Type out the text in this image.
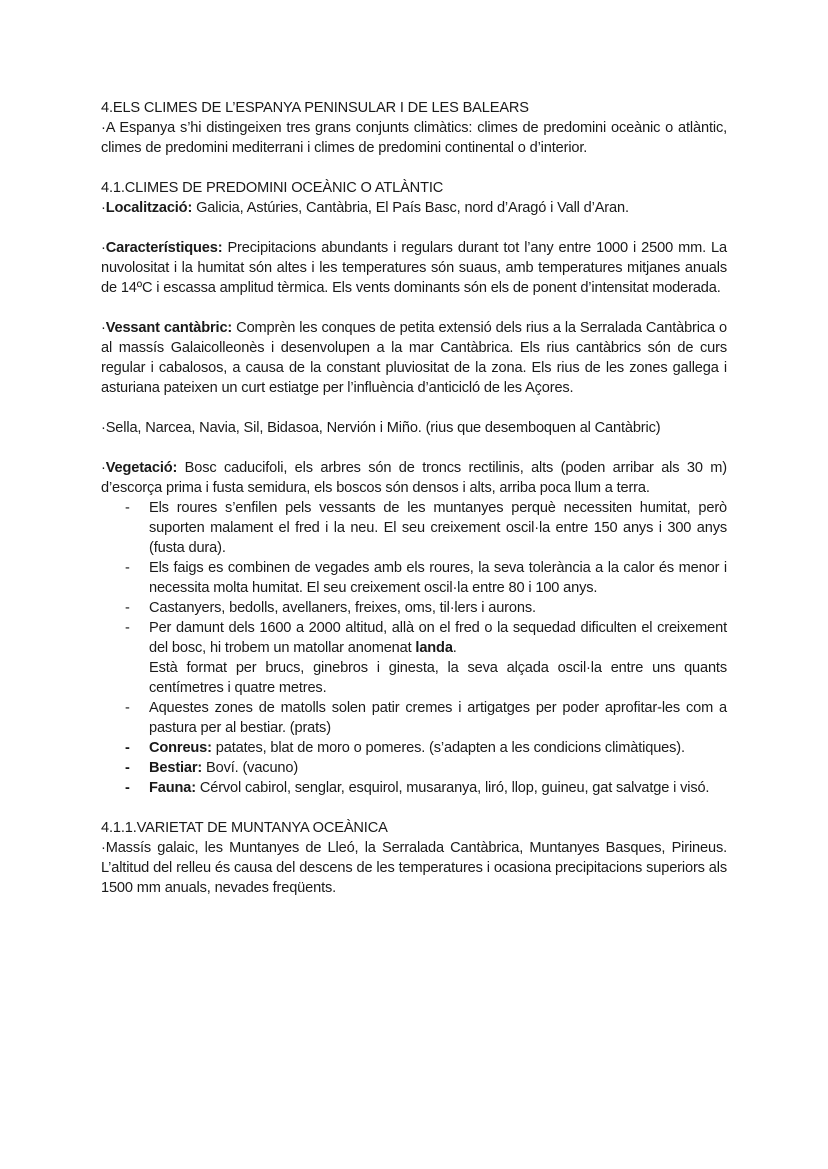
4.ELS CLIMES DE L’ESPANYA PENINSULAR I DE LES BALEARS

·A Espanya s’hi distingeixen tres grans conjunts climàtics: climes de predomini oceànic o atlàntic, climes de predomini mediterrani i climes de predomini continental o d’interior.

4.1.CLIMES DE PREDOMINI OCEÀNIC O ATLÀNTIC

·Localització: Galicia, Astúries, Cantàbria, El País Basc, nord d’Aragó i Vall d’Aran.

·Característiques: Precipitacions abundants i regulars durant tot l’any entre 1000 i 2500 mm. La nuvolositat i la humitat són altes i les temperatures són suaus, amb temperatures mitjanes anuals de 14ºC i escassa amplitud tèrmica. Els vents dominants són els de ponent d’intensitat moderada.

·Vessant cantàbric: Comprèn les conques de petita extensió dels rius a la Serralada Cantàbrica o al massís Galaicolleonès i desenvolupen a la mar Cantàbrica. Els rius cantàbrics són de curs regular i cabalosos, a causa de la constant pluviositat de la zona. Els rius de les zones gallega i asturiana pateixen un curt estiatge per l’influència d’anticicló de les Açores.

·Sella, Narcea, Navia, Sil, Bidasoa, Nervión i Miño. (rius que desemboquen al Cantàbric)

·Vegetació: Bosc caducifoli, els arbres són de troncs rectilinis, alts (poden arribar als 30 m) d’escorça prima i fusta semidura, els boscos són densos i alts, arriba poca llum a terra.

- Els roures s’enfilen pels vessants de les muntanyes perquè necessiten humitat, però suporten malament el fred i la neu. El seu creixement oscil·la entre 150 anys i 300 anys (fusta dura).
- Els faigs es combinen de vegades amb els roures, la seva tolerància a la calor és menor i necessita molta humitat. El seu creixement oscil·la entre 80 i 100 anys.
- Castanyers, bedolls, avellaners, freixes, oms, til·lers i aurons.
- Per damunt dels 1600 a 2000 altitud, allà on el fred o la sequedad dificulten el creixement del bosc, hi trobem un matollar anomenat landa.
Està format per brucs, ginebros i ginesta, la seva alçada oscil·la entre uns quants centímetres i quatre metres.
- Aquestes zones de matolls solen patir cremes i artigatges per poder aprofitar-les com a pastura per al bestiar. (prats)
- Conreus: patates, blat de moro o pomeres. (s’adapten a les condicions climàtiques).
- Bestiar: Boví. (vacuno)
- Fauna: Cérvol cabirol, senglar, esquirol, musaranya, liró, llop, guineu, gat salvatge i visó.

4.1.1.VARIETAT DE MUNTANYA OCEÀNICA

·Massís galaic, les Muntanyes de Lleó, la Serralada Cantàbrica, Muntanyes Basques, Pirineus. L’altitud del relleu és causa del descens de les temperatures i ocasiona precipitacions superiors als 1500 mm anuals, nevades freqüents.
